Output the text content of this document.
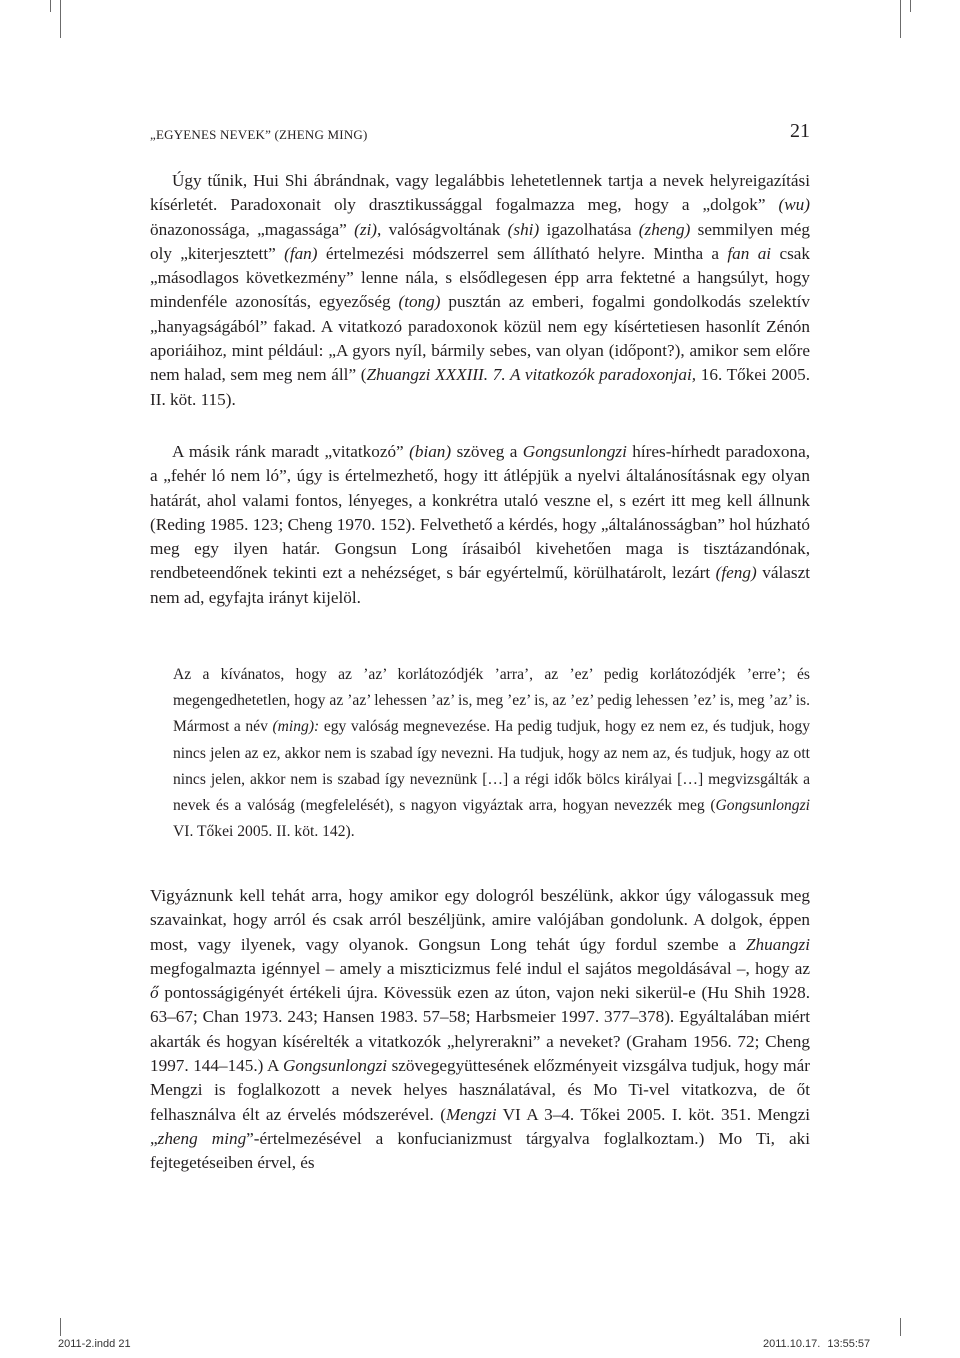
„EGYENES NEVEK” (ZHENG MING)	21

Úgy tűnik, Hui Shi ábrándnak, vagy legalábbis lehetetlennek tartja a nevek helyreigazítási kísérletét. Paradoxonait oly drasztikussággal fogalmazza meg, hogy a „dolgok” (wu) önazonossága, „magassága” (zi), valóságvoltának (shi) igazolhatása (zheng) semmilyen még oly „kiterjesztett” (fan) értelmezési módszerrel sem állítható helyre. Mintha a fan ai csak „másodlagos következmény” lenne nála, s elsődlegesen épp arra fektetné a hangsúlyt, hogy mindenféle azonosítás, egyezőség (tong) pusztán az emberi, fogalmi gondolkodás szelektív „hanyagságából” fakad. A vitatkozó paradoxonok közül nem egy kísértetiesen hasonlít Zénón aporiáihoz, mint például: „A gyors nyíl, bármily sebes, van olyan (időpont?), amikor sem előre nem halad, sem meg nem áll” (Zhuangzi XXXIII. 7. A vitatkozók paradoxonjai, 16. Tőkei 2005. II. köt. 115).

A másik ránk maradt „vitatkozó” (bian) szöveg a Gongsunlongzi híres-hírhedt paradoxona, a „fehér ló nem ló”, úgy is értelmezhető, hogy itt átlépjük a nyelvi általánosításnak egy olyan határát, ahol valami fontos, lényeges, a konkrétra utaló veszne el, s ezért itt meg kell állnunk (Reding 1985. 123; Cheng 1970. 152). Felvethető a kérdés, hogy „általánosságban” hol húzható meg egy ilyen határ. Gongsun Long írásaiból kivehetően maga is tisztázandónak, rendbeteendőnek tekinti ezt a nehézséget, s bár egyértelmű, körülhatárolt, lezárt (feng) választ nem ad, egyfajta irányt kijelöl.

Az a kívánatos, hogy az ’az’ korlátozódjék ’arra’, az ’ez’ pedig korlátozódjék ’erre’; és megengedhetetlen, hogy az ’az’ lehessen ’az’ is, meg ’ez’ is, az ’ez’ pedig lehessen ’ez’ is, meg ’az’ is. Mármost a név (ming): egy valóság megnevezése. Ha pedig tudjuk, hogy ez nem ez, és tudjuk, hogy nincs jelen az ez, akkor nem is szabad így nevezni. Ha tudjuk, hogy az nem az, és tudjuk, hogy az ott nincs jelen, akkor nem is szabad így neveznünk […] a régi idők bölcs királyai […] megvizsgálták a nevek és a valóság (megfelelését), s nagyon vigyáztak arra, hogyan nevezzék meg (Gongsunlongzi VI. Tőkei 2005. II. köt. 142).

Vigyáznunk kell tehát arra, hogy amikor egy dologról beszélünk, akkor úgy válogassuk meg szavainkat, hogy arról és csak arról beszéljünk, amire valójában gondolunk. A dolgok, éppen most, vagy ilyenek, vagy olyanok. Gongsun Long tehát úgy fordul szembe a Zhuangzi megfogalmazta igénnyel – amely a miszticizmus felé indul el sajátos megoldásával –, hogy az ő pontosságigényét értékeli újra. Kövessük ezen az úton, vajon neki sikerül-e (Hu Shih 1928. 63–67; Chan 1973. 243; Hansen 1983. 57–58; Harbsmeier 1997. 377–378). Egyáltalában miért akarták és hogyan kísérelték a vitatkozók „helyrerakni” a neveket? (Graham 1956. 72; Cheng 1997. 144–145.) A Gongsunlongzi szövegegyüttesének előzményeit vizsgálva tudjuk, hogy már Mengzi is foglalkozott a nevek helyes használatával, és Mo Ti-vel vitatkozva, de őt felhasználva élt az érvelés módszerével. (Mengzi VI A 3–4. Tőkei 2005. I. köt. 351. Mengzi „zheng ming”-értelmezésével a konfucianizmust tárgyalva foglalkoztam.) Mo Ti, aki fejtegetéseiben érvel, és

2011-2.indd 21	2011.10.17. 13:55:57
